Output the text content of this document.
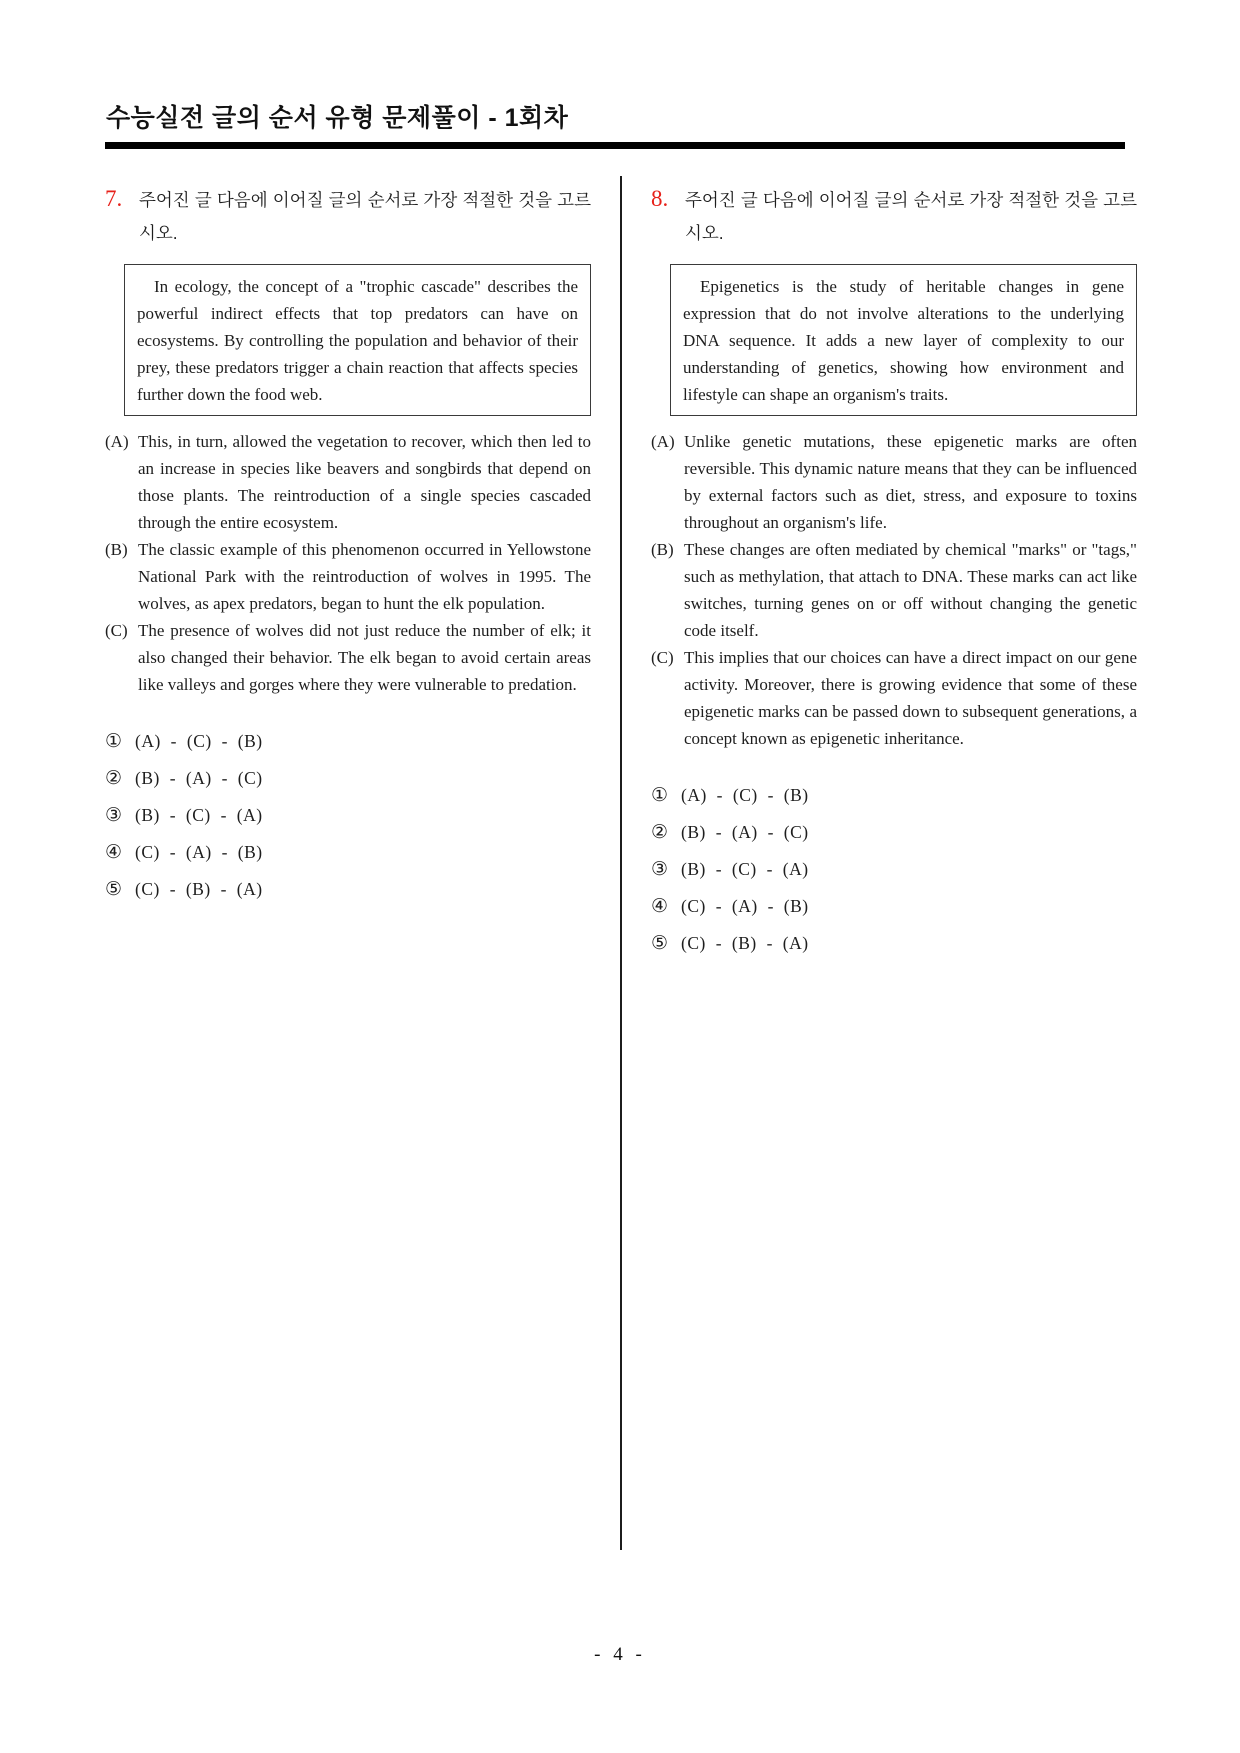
수능실전 글의 순서 유형 문제풀이 - 1회차
7. 주어진 글 다음에 이어질 글의 순서로 가장 적절한 것을 고르시오.

In ecology, the concept of a "trophic cascade" describes the powerful indirect effects that top predators can have on ecosystems. By controlling the population and behavior of their prey, these predators trigger a chain reaction that affects species further down the food web.

(A) This, in turn, allowed the vegetation to recover, which then led to an increase in species like beavers and songbirds that depend on those plants. The reintroduction of a single species cascaded through the entire ecosystem.
(B) The classic example of this phenomenon occurred in Yellowstone National Park with the reintroduction of wolves in 1995. The wolves, as apex predators, began to hunt the elk population.
(C) The presence of wolves did not just reduce the number of elk; it also changed their behavior. The elk began to avoid certain areas like valleys and gorges where they were vulnerable to predation.
① (A) - (C) - (B)
② (B) - (A) - (C)
③ (B) - (C) - (A)
④ (C) - (A) - (B)
⑤ (C) - (B) - (A)
8. 주어진 글 다음에 이어질 글의 순서로 가장 적절한 것을 고르시오.

Epigenetics is the study of heritable changes in gene expression that do not involve alterations to the underlying DNA sequence. It adds a new layer of complexity to our understanding of genetics, showing how environment and lifestyle can shape an organism's traits.

(A) Unlike genetic mutations, these epigenetic marks are often reversible. This dynamic nature means that they can be influenced by external factors such as diet, stress, and exposure to toxins throughout an organism's life.
(B) These changes are often mediated by chemical "marks" or "tags," such as methylation, that attach to DNA. These marks can act like switches, turning genes on or off without changing the genetic code itself.
(C) This implies that our choices can have a direct impact on our gene activity. Moreover, there is growing evidence that some of these epigenetic marks can be passed down to subsequent generations, a concept known as epigenetic inheritance.
① (A) - (C) - (B)
② (B) - (A) - (C)
③ (B) - (C) - (A)
④ (C) - (A) - (B)
⑤ (C) - (B) - (A)
- 4 -
